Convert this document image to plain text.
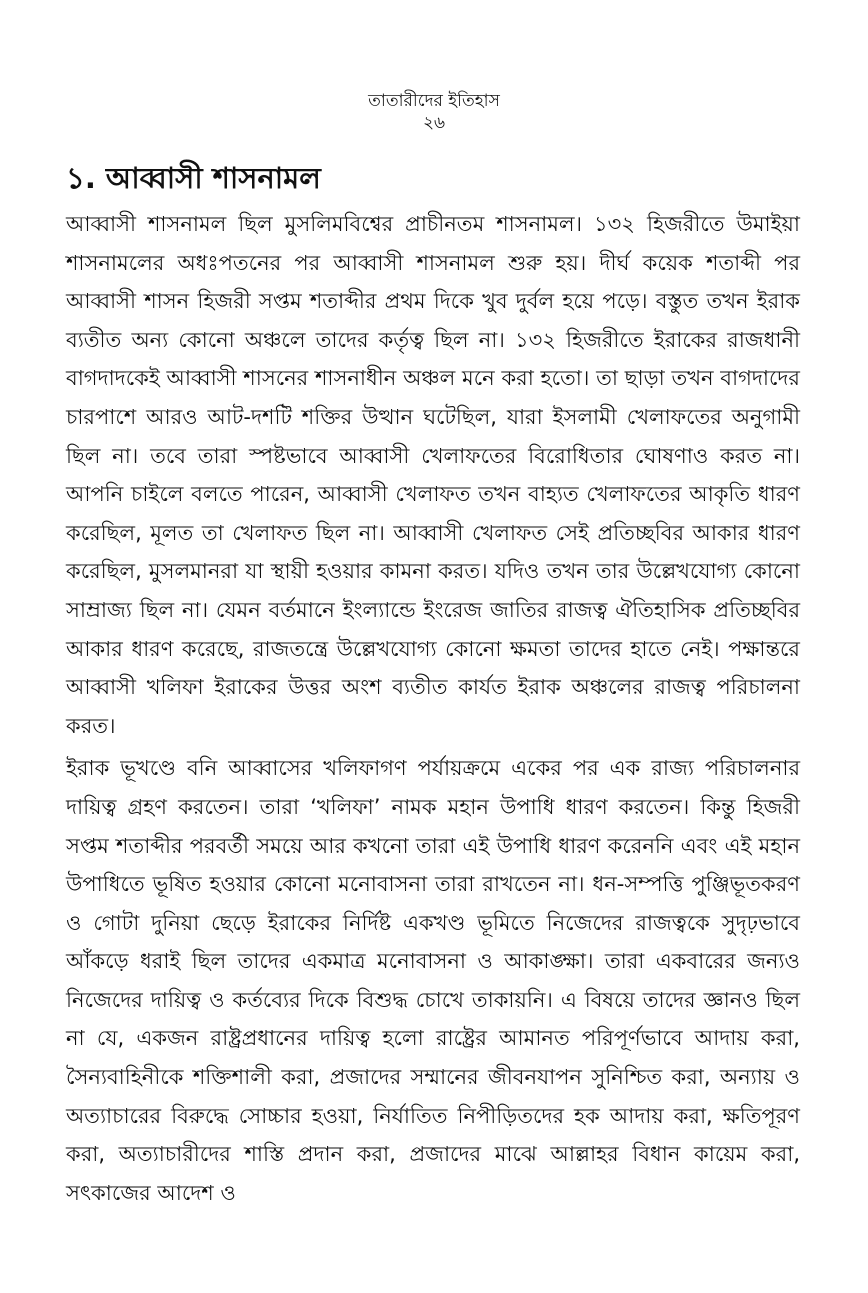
তাতারীদের ইতিহাস
২৬
১. আব্বাসী শাসনামল

আব্বাসী শাসনামল ছিল মুসলিমবিশ্বের প্রাচীনতম শাসনামল। ১৩২ হিজরীতে উমাইয়া শাসনামলের অধঃপতনের পর আব্বাসী শাসনামল শুরু হয়। দীর্ঘ কয়েক শতাব্দী পর আব্বাসী শাসন হিজরী সপ্তম শতাব্দীর প্রথম দিকে খুব দুর্বল হয়ে পড়ে। বস্তুত তখন ইরাক ব্যতীত অন্য কোনো অঞ্চলে তাদের কর্তৃত্ব ছিল না। ১৩২ হিজরীতে ইরাকের রাজধানী বাগদাদকেই আব্বাসী শাসনের শাসনাধীন অঞ্চল মনে করা হতো। তা ছাড়া তখন বাগদাদের চারপাশে আরও আট-দশটি শক্তির উত্থান ঘটেছিল, যারা ইসলামী খেলাফতের অনুগামী ছিল না। তবে তারা স্পষ্টভাবে আব্বাসী খেলাফতের বিরোধিতার ঘোষণাও করত না। আপনি চাইলে বলতে পারেন, আব্বাসী খেলাফত তখন বাহ্যত খেলাফতের আকৃতি ধারণ করেছিল, মূলত তা খেলাফত ছিল না। আব্বাসী খেলাফত সেই প্রতিচ্ছবির আকার ধারণ করেছিল, মুসলমানরা যা স্থায়ী হওয়ার কামনা করত। যদিও তখন তার উল্লেখযোগ্য কোনো সাম্রাজ্য ছিল না। যেমন বর্তমানে ইংল্যান্ডে ইংরেজ জাতির রাজত্ব ঐতিহাসিক প্রতিচ্ছবির আকার ধারণ করেছে, রাজতন্ত্রে উল্লেখযোগ্য কোনো ক্ষমতা তাদের হাতে নেই। পক্ষান্তরে আব্বাসী খলিফা ইরাকের উত্তর অংশ ব্যতীত কার্যত ইরাক অঞ্চলের রাজত্ব পরিচালনা করত।

ইরাক ভূখণ্ডে বনি আব্বাসের খলিফাগণ পর্যায়ক্রমে একের পর এক রাজ্য পরিচালনার দায়িত্ব গ্রহণ করতেন। তারা ‘খলিফা’ নামক মহান উপাধি ধারণ করতেন। কিন্তু হিজরী সপ্তম শতাব্দীর পরবর্তী সময়ে আর কখনো তারা এই উপাধি ধারণ করেননি এবং এই মহান উপাধিতে ভূষিত হওয়ার কোনো মনোবাসনা তারা রাখতেন না। ধন-সম্পত্তি পুঞ্জিভূতকরণ ও গোটা দুনিয়া ছেড়ে ইরাকের নির্দিষ্ট একখণ্ড ভূমিতে নিজেদের রাজত্বকে সুদৃঢ়ভাবে আঁকড়ে ধরাই ছিল তাদের একমাত্র মনোবাসনা ও আকাঙ্ক্ষা। তারা একবারের জন্যও নিজেদের দায়িত্ব ও কর্তব্যের দিকে বিশুদ্ধ চোখে তাকায়নি। এ বিষয়ে তাদের জ্ঞানও ছিল না যে, একজন রাষ্ট্রপ্রধানের দায়িত্ব হলো রাষ্ট্রের আমানত পরিপূর্ণভাবে আদায় করা, সৈন্যবাহিনীকে শক্তিশালী করা, প্রজাদের সম্মানের জীবনযাপন সুনিশ্চিত করা, অন্যায় ও অত্যাচারের বিরুদ্ধে সোচ্চার হওয়া, নির্যাতিত নিপীড়িতদের হক আদায় করা, ক্ষতিপূরণ করা, অত্যাচারীদের শাস্তি প্রদান করা, প্রজাদের মাঝে আল্লাহর বিধান কায়েম করা, সৎকাজের আদেশ ও
